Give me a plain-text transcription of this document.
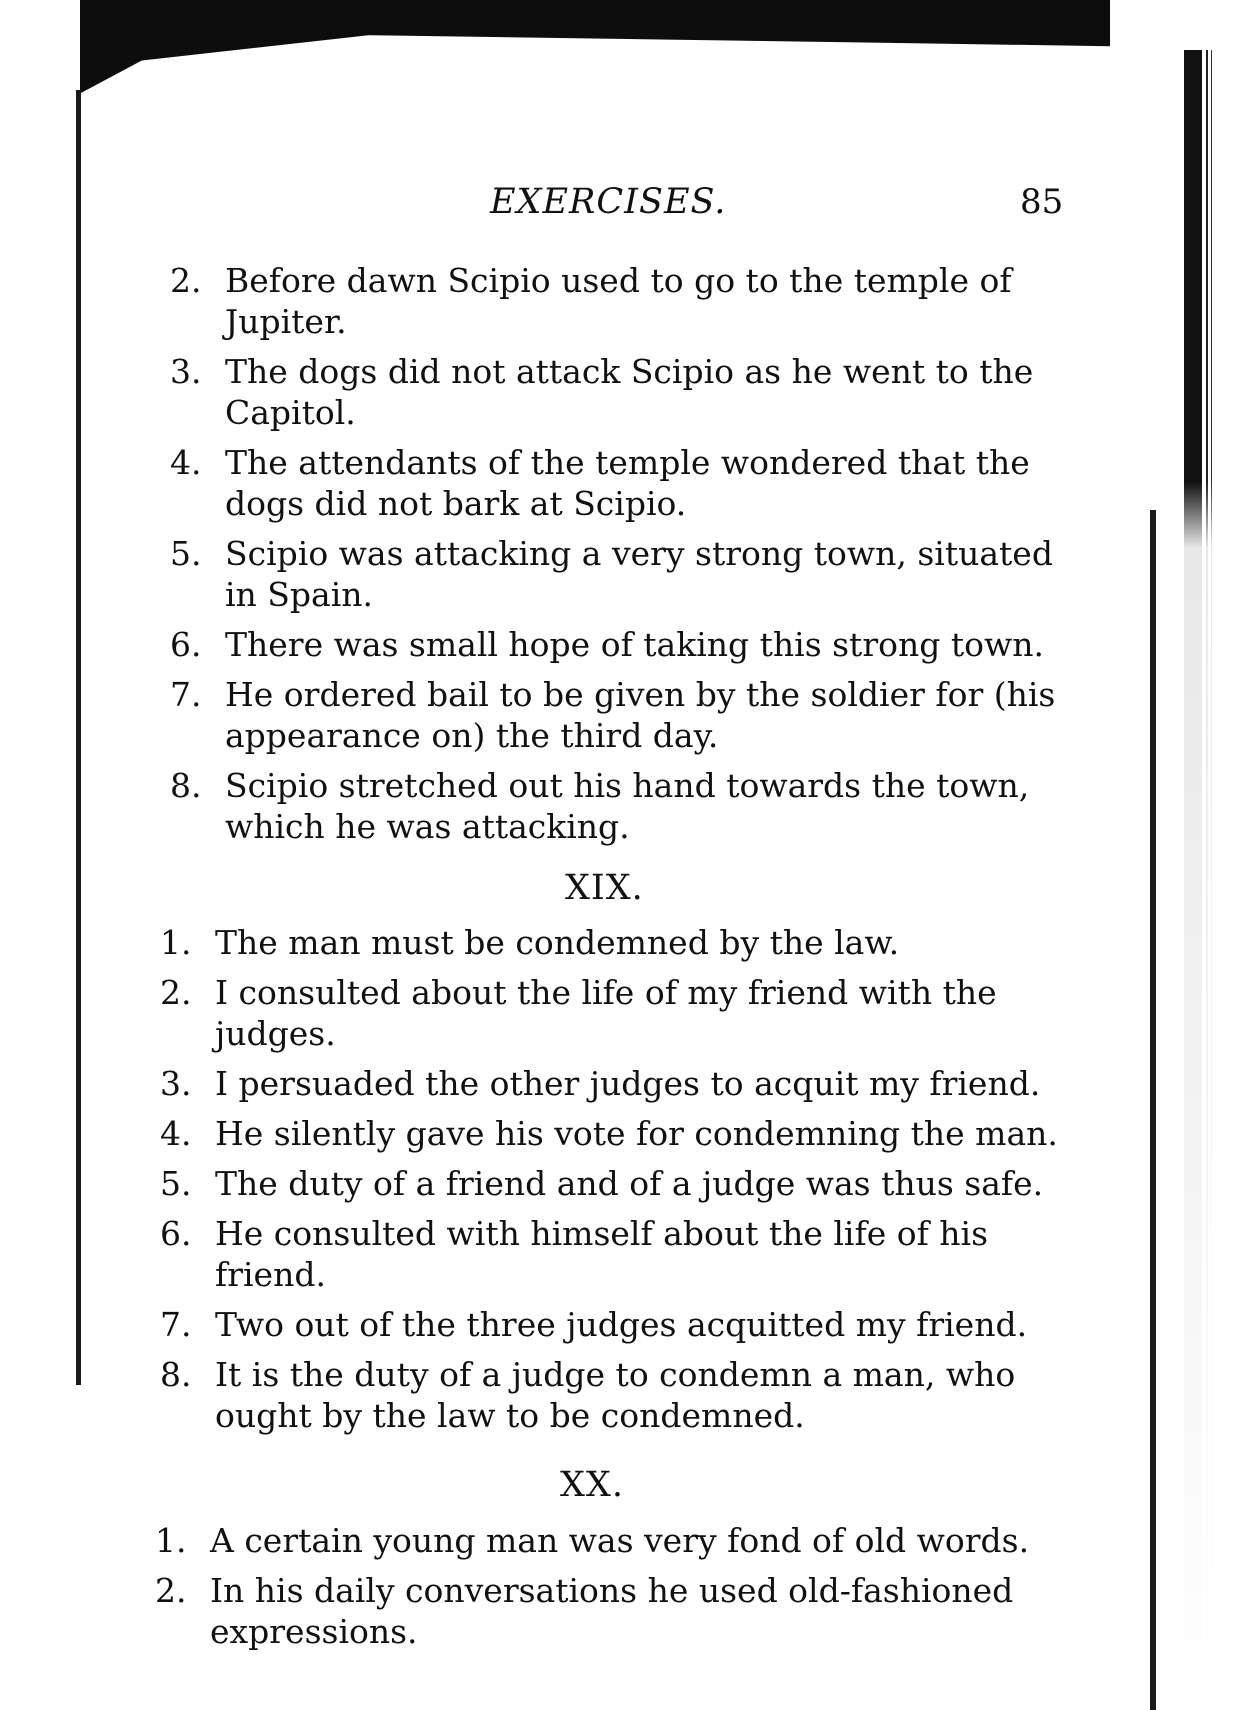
EXERCISES.	85
2. Before dawn Scipio used to go to the temple of Jupiter.
3. The dogs did not attack Scipio as he went to the Capitol.
4. The attendants of the temple wondered that the dogs did not bark at Scipio.
5. Scipio was attacking a very strong town, situated in Spain.
6. There was small hope of taking this strong town.
7. He ordered bail to be given by the soldier for (his appearance on) the third day.
8. Scipio stretched out his hand towards the town, which he was attacking.
XIX.
1. The man must be condemned by the law.
2. I consulted about the life of my friend with the judges.
3. I persuaded the other judges to acquit my friend.
4. He silently gave his vote for condemning the man.
5. The duty of a friend and of a judge was thus safe.
6. He consulted with himself about the life of his friend.
7. Two out of the three judges acquitted my friend.
8. It is the duty of a judge to condemn a man, who ought by the law to be condemned.
XX.
1. A certain young man was very fond of old words.
2. In his daily conversations he used old-fashioned expressions.
